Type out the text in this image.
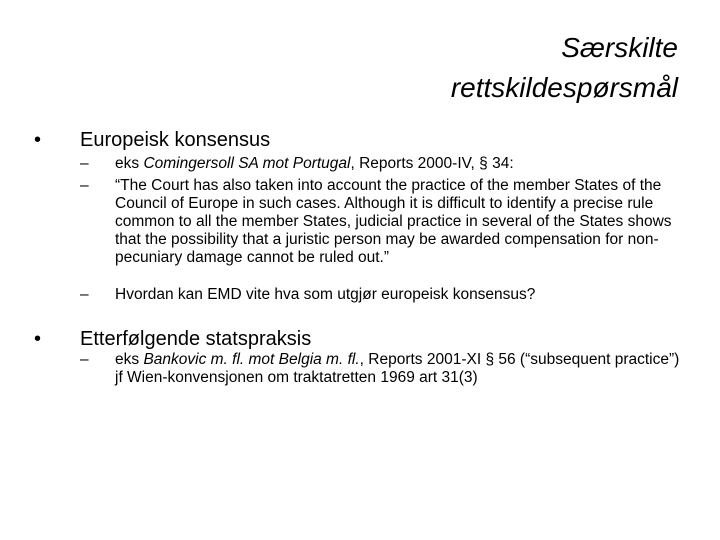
Særskilte
rettskildespørsmål
• Europeisk konsensus
–	eks Comingersoll SA mot Portugal, Reports 2000-IV, § 34:
–	“The Court has also taken into account the practice of the member States of the Council of Europe in such cases. Although it is difficult to identify a precise rule common to all the member States, judicial practice in several of the States shows that the possibility that a juristic person may be awarded compensation for non-pecuniary damage cannot be ruled out.”
–	Hvordan kan EMD vite hva som utgjør europeisk konsensus?
• Etterfølgende statspraksis
–	eks Bankovic m. fl. mot Belgia m. fl., Reports 2001-XI § 56 (“subsequent practice”) jf Wien-konvensjonen om traktatretten 1969 art 31(3)
